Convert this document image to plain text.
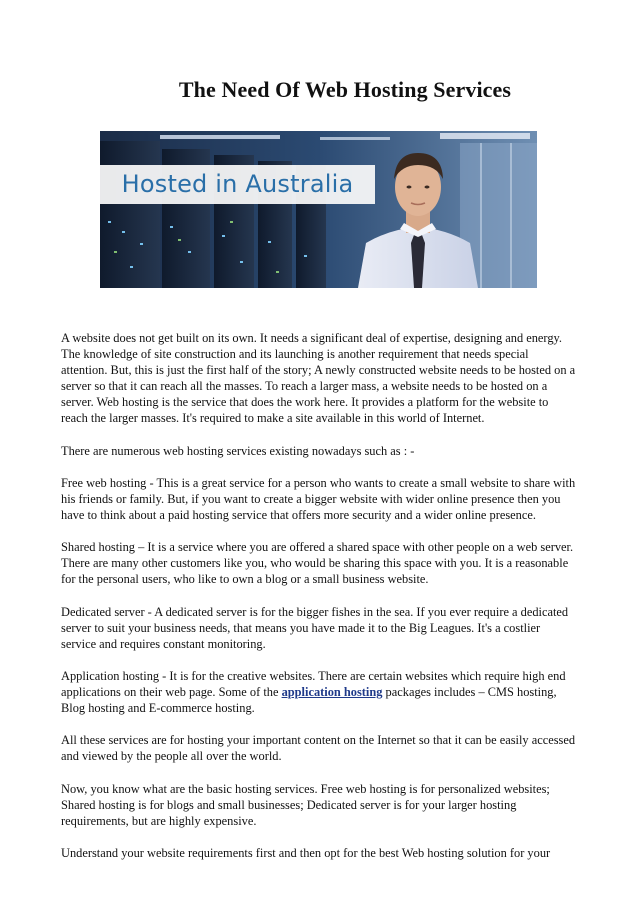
The Need Of Web Hosting Services
Hosted in Australia

A website does not get built on its own. It needs a significant deal of expertise, designing and energy. The knowledge of site construction and its launching is another requirement that needs special attention. But, this is just the first half of the story; A newly constructed website needs to be hosted on a server so that it can reach all the masses. To reach a larger mass, a website needs to be hosted on a server. Web hosting is the service that does the work here. It provides a platform for the website to reach the larger masses. It's required to make a site available in this world of Internet.

There are numerous web hosting services existing nowadays such as : -

Free web hosting - This is a great service for a person who wants to create a small website to share with his friends or family. But, if you want to create a bigger website with wider online presence then you have to think about a paid hosting service that offers more security and a wider online presence.

Shared hosting – It is a service where you are offered a shared space with other people on a web server. There are many other customers like you, who would be sharing this space with you. It is a reasonable for the personal users, who like to own a blog or a small business website.

Dedicated server - A dedicated server is for the bigger fishes in the sea. If you ever require a dedicated server to suit your business needs, that means you have made it to the Big Leagues. It's a costlier service and requires constant monitoring.

Application hosting - It is for the creative websites. There are certain websites which require high end applications on their web page. Some of the application hosting packages includes – CMS hosting, Blog hosting and E-commerce hosting.

All these services are for hosting your important content on the Internet so that it can be easily accessed and viewed by the people all over the world.

Now, you know what are the basic hosting services. Free web hosting is for personalized websites; Shared hosting is for blogs and small businesses; Dedicated server is for your larger hosting requirements, but are highly expensive.

Understand your website requirements first and then opt for the best Web hosting solution for your
